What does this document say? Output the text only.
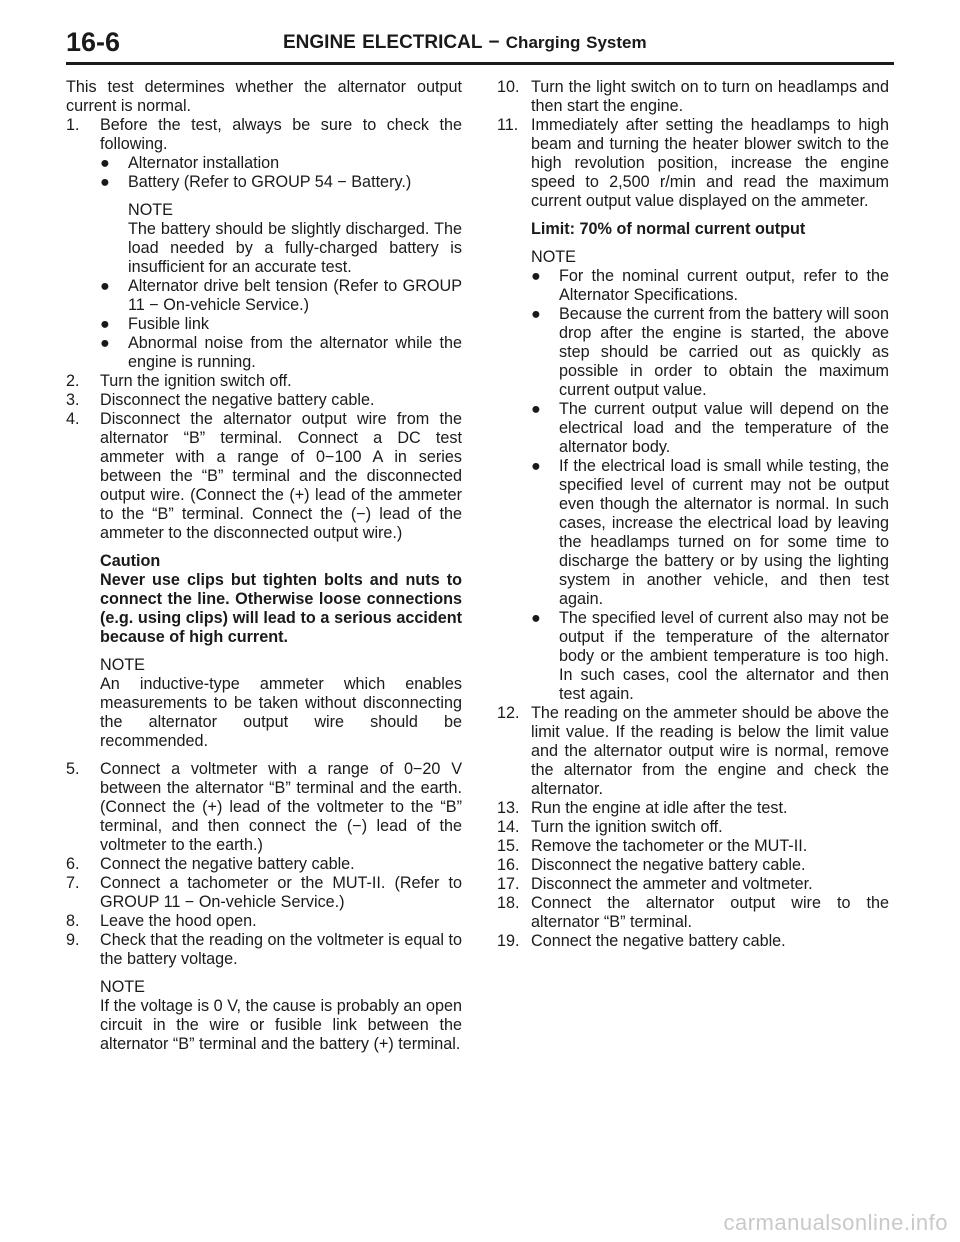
16-6	ENGINE ELECTRICAL − Charging System

This test determines whether the alternator output current is normal.

1.	Before the test, always be sure to check the following.
●	Alternator installation
●	Battery (Refer to GROUP 54 − Battery.)
NOTE
The battery should be slightly discharged. The load needed by a fully-charged battery is insufficient for an accurate test.
●	Alternator drive belt tension (Refer to GROUP 11 − On-vehicle Service.)
●	Fusible link
●	Abnormal noise from the alternator while the engine is running.
2.	Turn the ignition switch off.
3.	Disconnect the negative battery cable.
4.	Disconnect the alternator output wire from the alternator “B” terminal. Connect a DC test ammeter with a range of 0−100 A in series between the “B” terminal and the disconnected output wire. (Connect the (+) lead of the ammeter to the “B” terminal. Connect the (−) lead of the ammeter to the disconnected output wire.)
Caution
Never use clips but tighten bolts and nuts to connect the line. Otherwise loose connections (e.g. using clips) will lead to a serious accident because of high current.
NOTE
An inductive-type ammeter which enables measurements to be taken without disconnecting the alternator output wire should be recommended.
5.	Connect a voltmeter with a range of 0−20 V between the alternator “B” terminal and the earth. (Connect the (+) lead of the voltmeter to the “B” terminal, and then connect the (−) lead of the voltmeter to the earth.)
6.	Connect the negative battery cable.
7.	Connect a tachometer or the MUT-II. (Refer to GROUP 11 − On-vehicle Service.)
8.	Leave the hood open.
9.	Check that the reading on the voltmeter is equal to the battery voltage.
NOTE
If the voltage is 0 V, the cause is probably an open circuit in the wire or fusible link between the alternator “B” terminal and the battery (+) terminal.
10. Turn the light switch on to turn on headlamps and then start the engine.
11. Immediately after setting the headlamps to high beam and turning the heater blower switch to the high revolution position, increase the engine speed to 2,500 r/min and read the maximum current output value displayed on the ammeter.
Limit: 70% of normal current output
NOTE
●	For the nominal current output, refer to the Alternator Specifications.
●	Because the current from the battery will soon drop after the engine is started, the above step should be carried out as quickly as possible in order to obtain the maximum current output value.
●	The current output value will depend on the electrical load and the temperature of the alternator body.
●	If the electrical load is small while testing, the specified level of current may not be output even though the alternator is normal. In such cases, increase the electrical load by leaving the headlamps turned on for some time to discharge the battery or by using the lighting system in another vehicle, and then test again.
●	The specified level of current also may not be output if the temperature of the alternator body or the ambient temperature is too high. In such cases, cool the alternator and then test again.
12. The reading on the ammeter should be above the limit value. If the reading is below the limit value and the alternator output wire is normal, remove the alternator from the engine and check the alternator.
13. Run the engine at idle after the test.
14. Turn the ignition switch off.
15. Remove the tachometer or the MUT-II.
16. Disconnect the negative battery cable.
17. Disconnect the ammeter and voltmeter.
18. Connect the alternator output wire to the alternator “B” terminal.
19. Connect the negative battery cable.
carmanualsonline.info
